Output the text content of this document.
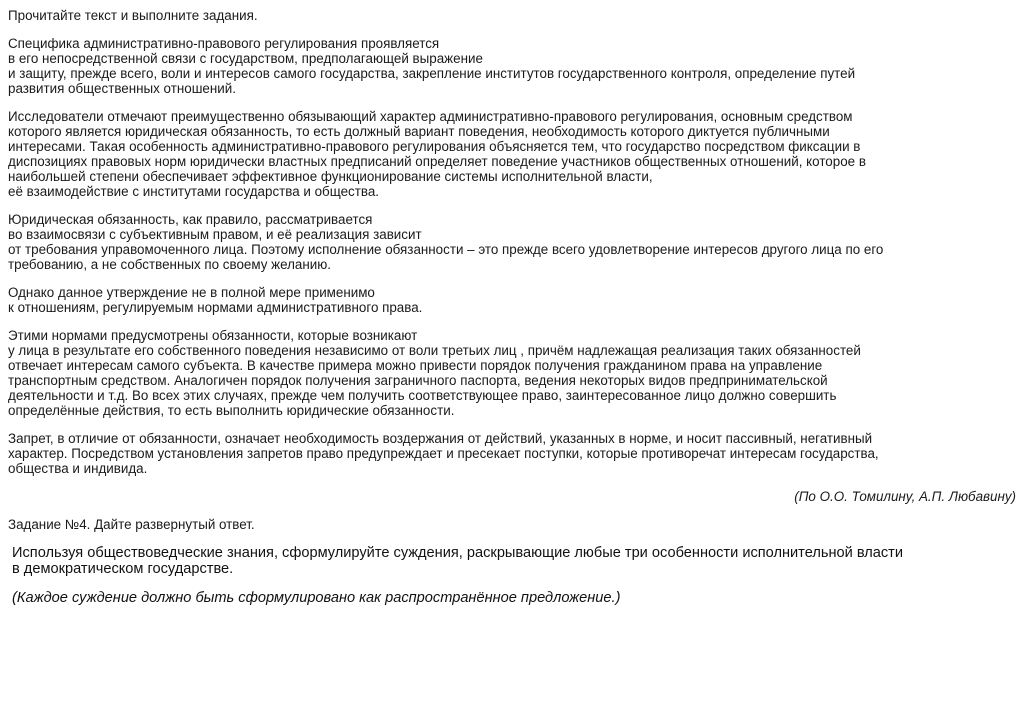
Прочитайте текст и выполните задания.

Специфика административно-правового регулирования проявляется
в его непосредственной связи с государством, предполагающей выражение
и защиту, прежде всего, воли и интересов самого государства, закрепление институтов государственного контроля, определение путей
развития общественных отношений.

Исследователи отмечают преимущественно обязывающий характер административно-правового регулирования, основным средством
которого является юридическая обязанность, то есть должный вариант поведения, необходимость которого диктуется публичными
интересами. Такая особенность административно-правового регулирования объясняется тем, что государство посредством фиксации в
диспозициях правовых норм юридически властных предписаний определяет поведение участников общественных отношений, которое в
наибольшей степени обеспечивает эффективное функционирование системы исполнительной власти,
её взаимодействие с институтами государства и общества.

Юридическая обязанность, как правило, рассматривается
во взаимосвязи с субъективным правом, и её реализация зависит
от требования управомоченного лица. Поэтому исполнение обязанности – это прежде всего удовлетворение интересов другого лица по его
требованию, а не собственных по своему желанию.

Однако данное утверждение не в полной мере применимо
к отношениям, регулируемым нормами административного права.

Этими нормами предусмотрены обязанности, которые возникают
у лица в результате его собственного поведения независимо от воли третьих лиц , причём надлежащая реализация таких обязанностей
отвечает интересам самого субъекта. В качестве примера можно привести порядок получения гражданином права на управление
транспортным средством. Аналогичен порядок получения заграничного паспорта, ведения некоторых видов предпринимательской
деятельности и т.д. Во всех этих случаях, прежде чем получить соответствующее право, заинтересованное лицо должно совершить
определённые действия, то есть выполнить юридические обязанности.

Запрет, в отличие от обязанности, означает необходимость воздержания от действий, указанных в норме, и носит пассивный, негативный
характер. Посредством установления запретов право предупреждает и пресекает поступки, которые противоречат интересам государства,
общества и индивида.

(По О.О. Томилину, А.П. Любавину)

Задание №4. Дайте развернутый ответ.

Используя обществоведческие знания, сформулируйте суждения, раскрывающие любые три особенности исполнительной власти
в демократическом государстве.

(Каждое суждение должно быть сформулировано как распространённое предложение.)
